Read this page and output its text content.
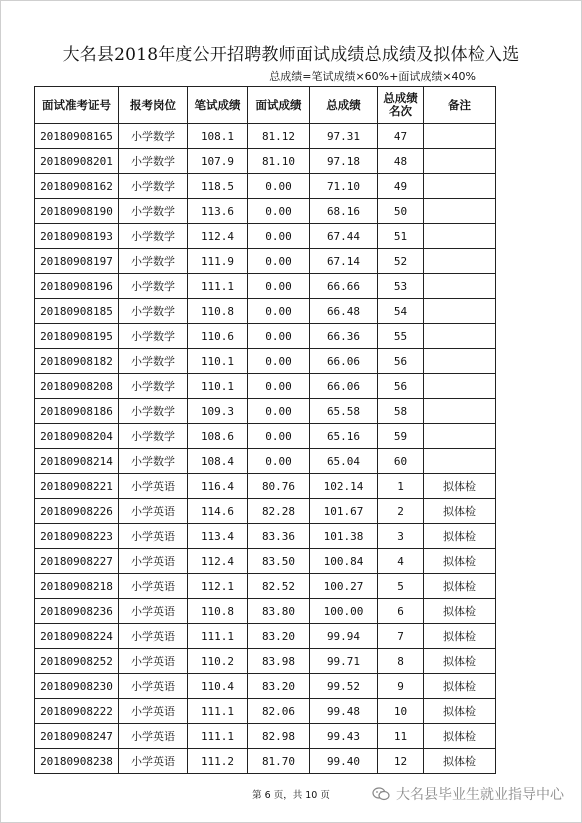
大名县2018年度公开招聘教师面试成绩总成绩及拟体检入选
总成绩=笔试成绩×60%+面试成绩×40%
面试准考证号	报考岗位	笔试成绩	面试成绩	总成绩	总成绩名次	备注
20180908165	小学数学	108.1	81.12	97.31	47	
20180908201	小学数学	107.9	81.10	97.18	48	
20180908162	小学数学	118.5	0.00	71.10	49	
20180908190	小学数学	113.6	0.00	68.16	50	
20180908193	小学数学	112.4	0.00	67.44	51	
20180908197	小学数学	111.9	0.00	67.14	52	
20180908196	小学数学	111.1	0.00	66.66	53	
20180908185	小学数学	110.8	0.00	66.48	54	
20180908195	小学数学	110.6	0.00	66.36	55	
20180908182	小学数学	110.1	0.00	66.06	56	
20180908208	小学数学	110.1	0.00	66.06	56	
20180908186	小学数学	109.3	0.00	65.58	58	
20180908204	小学数学	108.6	0.00	65.16	59	
20180908214	小学数学	108.4	0.00	65.04	60	
20180908221	小学英语	116.4	80.76	102.14	1	拟体检
20180908226	小学英语	114.6	82.28	101.67	2	拟体检
20180908223	小学英语	113.4	83.36	101.38	3	拟体检
20180908227	小学英语	112.4	83.50	100.84	4	拟体检
20180908218	小学英语	112.1	82.52	100.27	5	拟体检
20180908236	小学英语	110.8	83.80	100.00	6	拟体检
20180908224	小学英语	111.1	83.20	99.94	7	拟体检
20180908252	小学英语	110.2	83.98	99.71	8	拟体检
20180908230	小学英语	110.4	83.20	99.52	9	拟体检
20180908222	小学英语	111.1	82.06	99.48	10	拟体检
20180908247	小学英语	111.1	82.98	99.43	11	拟体检
20180908238	小学英语	111.2	81.70	99.40	12	拟体检
第 6 页，共 10 页	大名县毕业生就业指导中心
